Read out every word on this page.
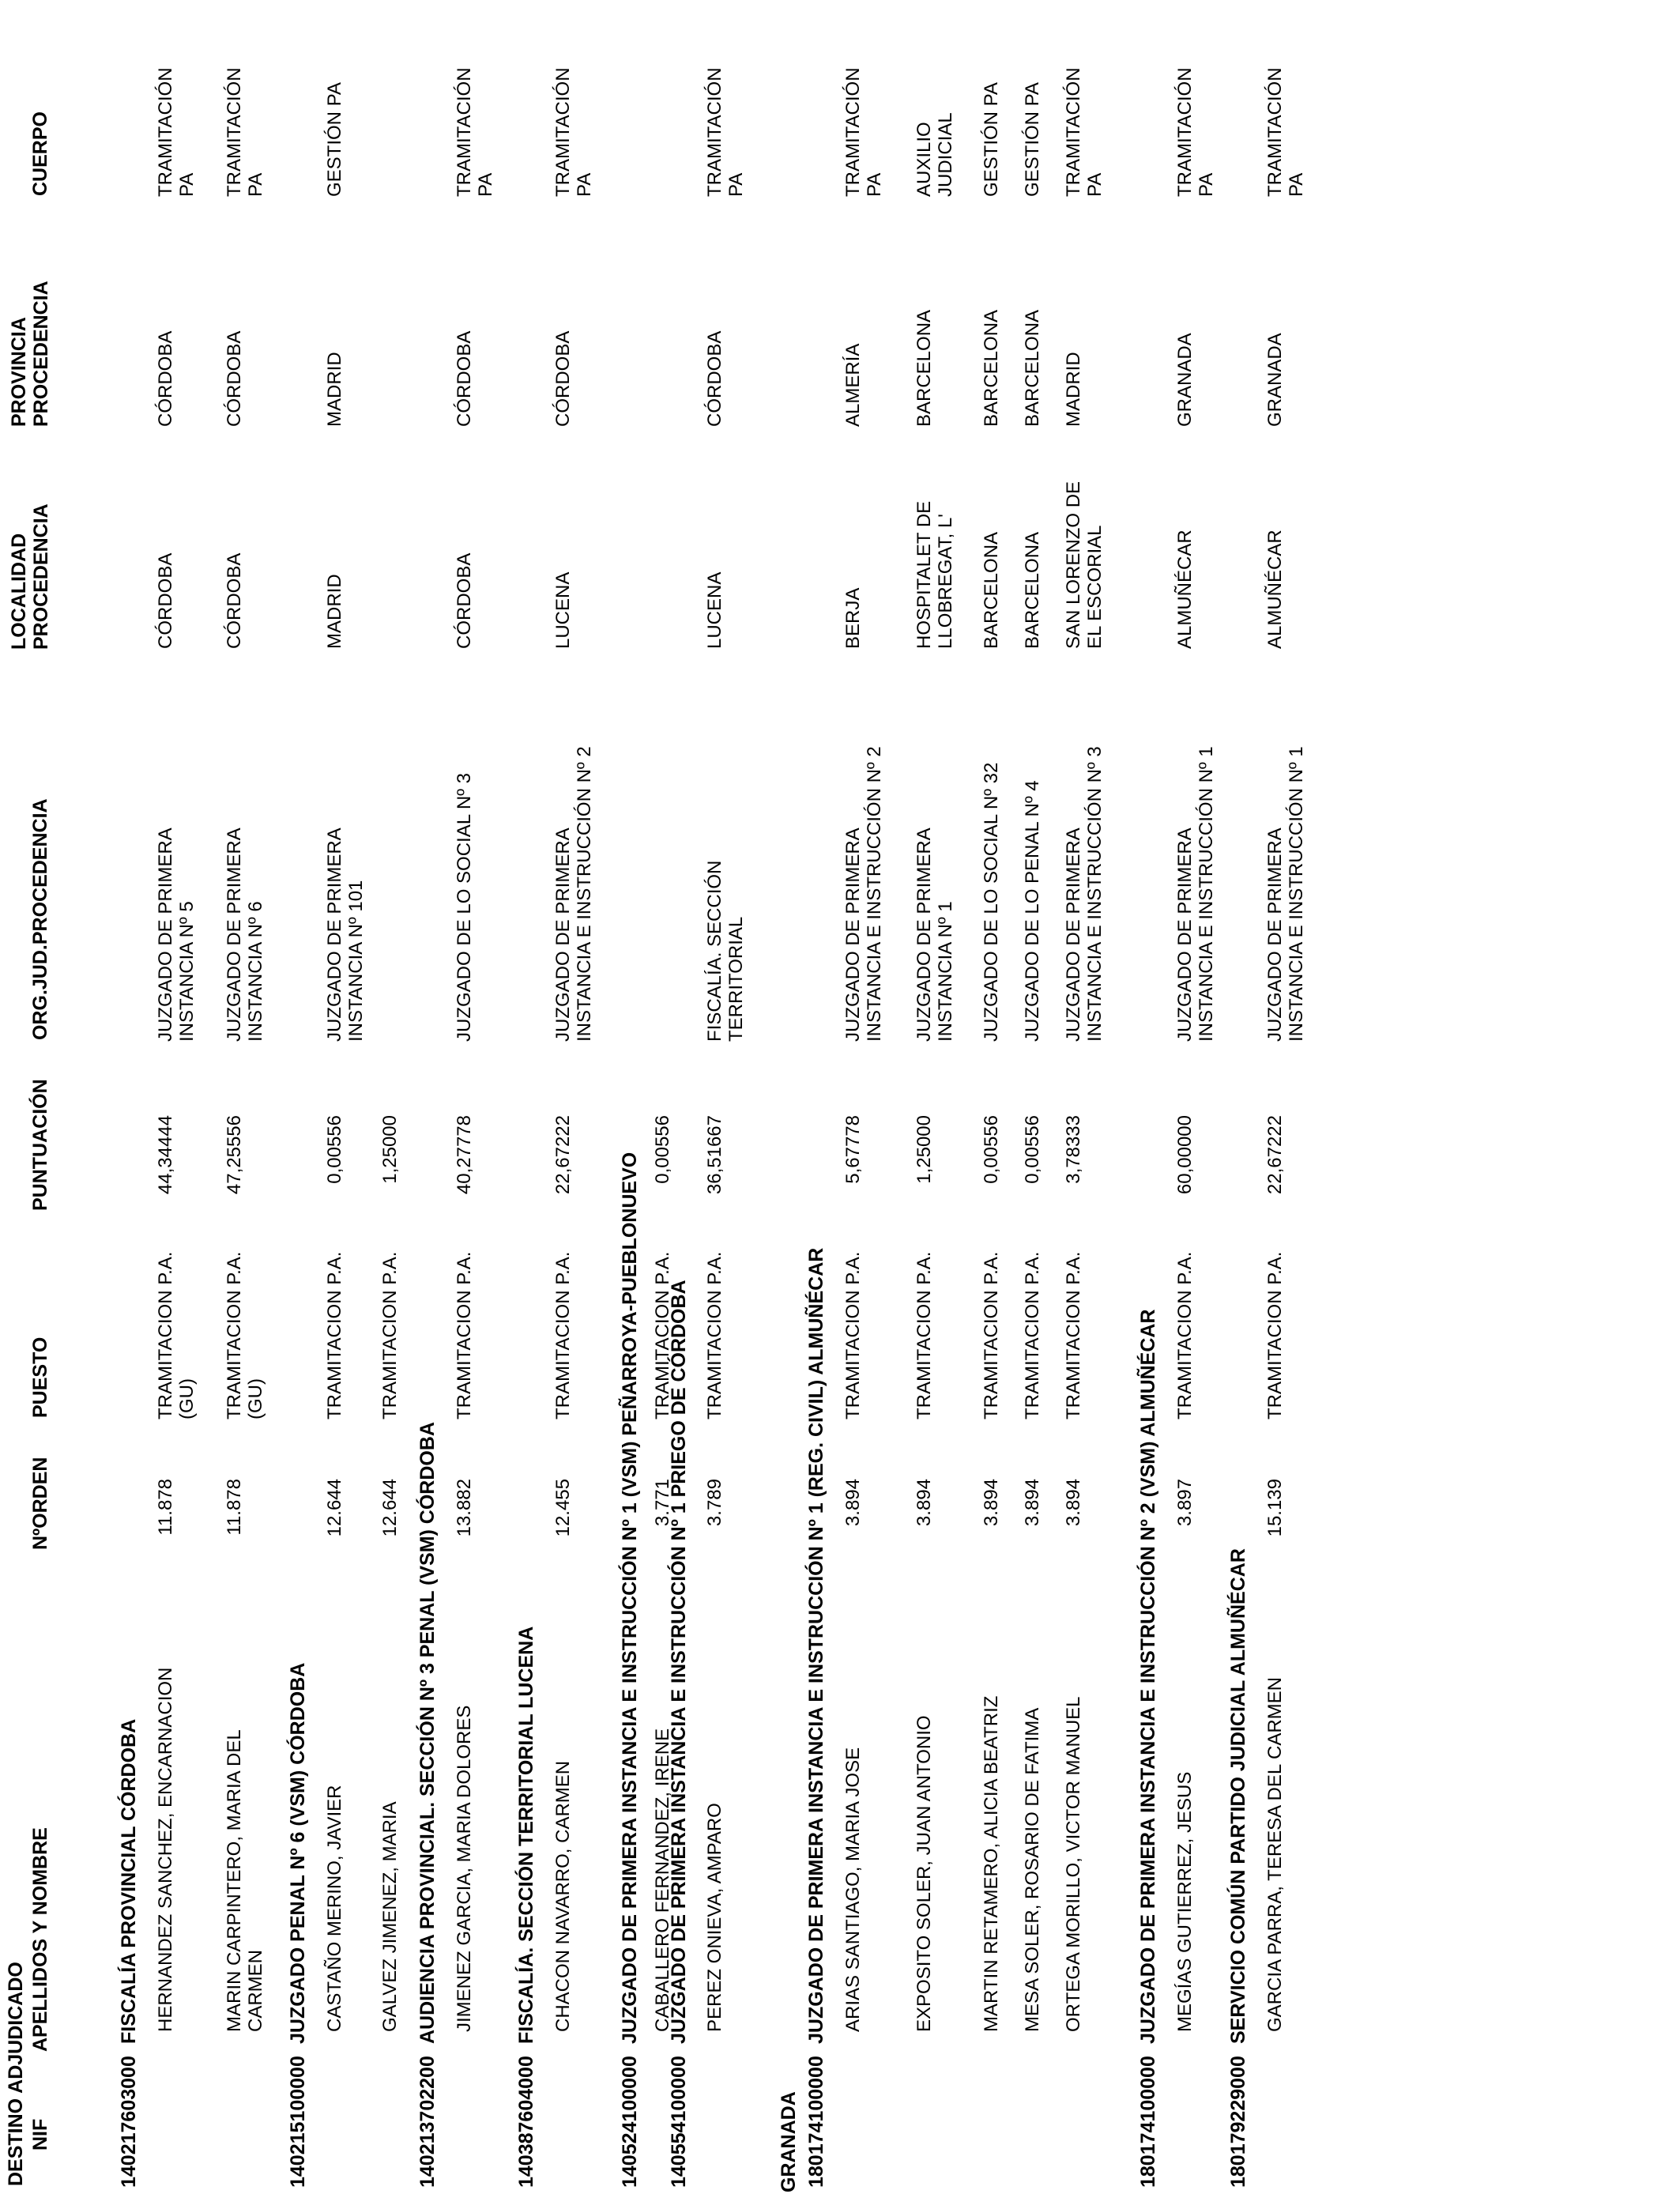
DESTINO ADJUDICADO NIF
APELLIDOS Y NOMBRE
NºORDEN
PUESTO
PUNTUACIÓN
ORG.JUD.PROCEDENCIA
LOCALIDAD
PROCEDENCIA
PROVINCIA
PROCEDENCIA
CUERPO
GRANADA
140217603000
FISCALÍA PROVINCIAL CÓRDOBA HERNANDEZ SANCHEZ, ENCARNACION
11.878
TRAMITACION P.A.
(GU)
44,34444
JUZGADO DE PRIMERA
INSTANCIA Nº 5
CÓRDOBA
CÓRDOBA
TRAMITACIÓN
PA
MARIN CARPINTERO, MARIA DEL
CARMEN
11.878
TRAMITACION P.A.
(GU)
47,25556
JUZGADO DE PRIMERA
INSTANCIA Nº 6
CÓRDOBA
CÓRDOBA
TRAMITACIÓN
PA
140215100000
JUZGADO PENAL Nº 6 (VSM) CÓRDOBA CASTAÑO MERINO, JAVIER
12.644
TRAMITACION P.A.
0,00556
JUZGADO DE PRIMERA
INSTANCIA Nº 101
MADRID
MADRID
GESTIÓN PA
GALVEZ JIMENEZ, MARIA
12.644
TRAMITACION P.A.
1,25000
140213702200
AUDIENCIA PROVINCIAL. SECCIÓN Nº 3 PENAL (VSM) CÓRDOBA JIMENEZ GARCIA, MARIA DOLORES
13.882
TRAMITACION P.A.
40,27778
JUZGADO DE LO SOCIAL Nº 3
CÓRDOBA
CÓRDOBA
TRAMITACIÓN
PA
140387604000
FISCALÍA. SECCIÓN TERRITORIAL LUCENA CHACON NAVARRO, CARMEN
12.455
TRAMITACION P.A.
22,67222
JUZGADO DE PRIMERA
INSTANCIA E INSTRUCCIÓN Nº 2
LUCENA
CÓRDOBA
TRAMITACIÓN
PA
140524100000
JUZGADO DE PRIMERA INSTANCIA E INSTRUCCIÓN Nº 1 (VSM) PEÑARROYA-PUEBLONUEVO CABALLERO FERNANDEZ, IRENE
3.771
TRAMITACION P.A.
0,00556
140554100000
JUZGADO DE PRIMERA INSTANCIA E INSTRUCCIÓN Nº 1 PRIEGO DE CÓRDOBA PEREZ ONIEVA, AMPARO
3.789
TRAMITACION P.A.
36,51667
FISCALÍA. SECCIÓN
TERRITORIAL
LUCENA
CÓRDOBA
TRAMITACIÓN
PA
180174100000
JUZGADO DE PRIMERA INSTANCIA E INSTRUCCIÓN Nº 1 (REG. CIVIL) ALMUÑÉCAR ARIAS SANTIAGO, MARIA JOSE
3.894
TRAMITACION P.A.
5,67778
JUZGADO DE PRIMERA
INSTANCIA E INSTRUCCIÓN Nº 2
BERJA
ALMERÍA
TRAMITACIÓN
PA
EXPOSITO SOLER, JUAN ANTONIO
3.894
TRAMITACION P.A.
1,25000
JUZGADO DE PRIMERA
INSTANCIA Nº 1
HOSPITALET DE
LLOBREGAT, L'
BARCELONA
AUXILIO
JUDICIAL
MARTIN RETAMERO, ALICIA BEATRIZ
3.894
TRAMITACION P.A.
0,00556
JUZGADO DE LO SOCIAL Nº 32
BARCELONA
BARCELONA
GESTIÓN PA
MESA SOLER, ROSARIO DE FATIMA
3.894
TRAMITACION P.A.
0,00556
JUZGADO DE LO PENAL Nº 4
BARCELONA
BARCELONA
GESTIÓN PA
ORTEGA MORILLO, VICTOR MANUEL
3.894
TRAMITACION P.A.
3,78333
JUZGADO DE PRIMERA
INSTANCIA E INSTRUCCIÓN Nº 3
SAN LORENZO DE
EL ESCORIAL
MADRID
TRAMITACIÓN
PA
180174100000
JUZGADO DE PRIMERA INSTANCIA E INSTRUCCIÓN Nº 2 (VSM) ALMUÑÉCAR MEGÍAS GUTIERREZ, JESUS
3.897
TRAMITACION P.A.
60,00000
JUZGADO DE PRIMERA
INSTANCIA E INSTRUCCIÓN Nº 1
ALMUÑÉCAR
GRANADA
TRAMITACIÓN
PA
180179229000
SERVICIO COMÚN PARTIDO JUDICIAL ALMUÑÉCAR GARCIA PARRA, TERESA DEL CARMEN
15.139
TRAMITACION P.A.
22,67222
JUZGADO DE PRIMERA
INSTANCIA E INSTRUCCIÓN Nº 1
ALMUÑÉCAR
GRANADA
TRAMITACIÓN
PA
